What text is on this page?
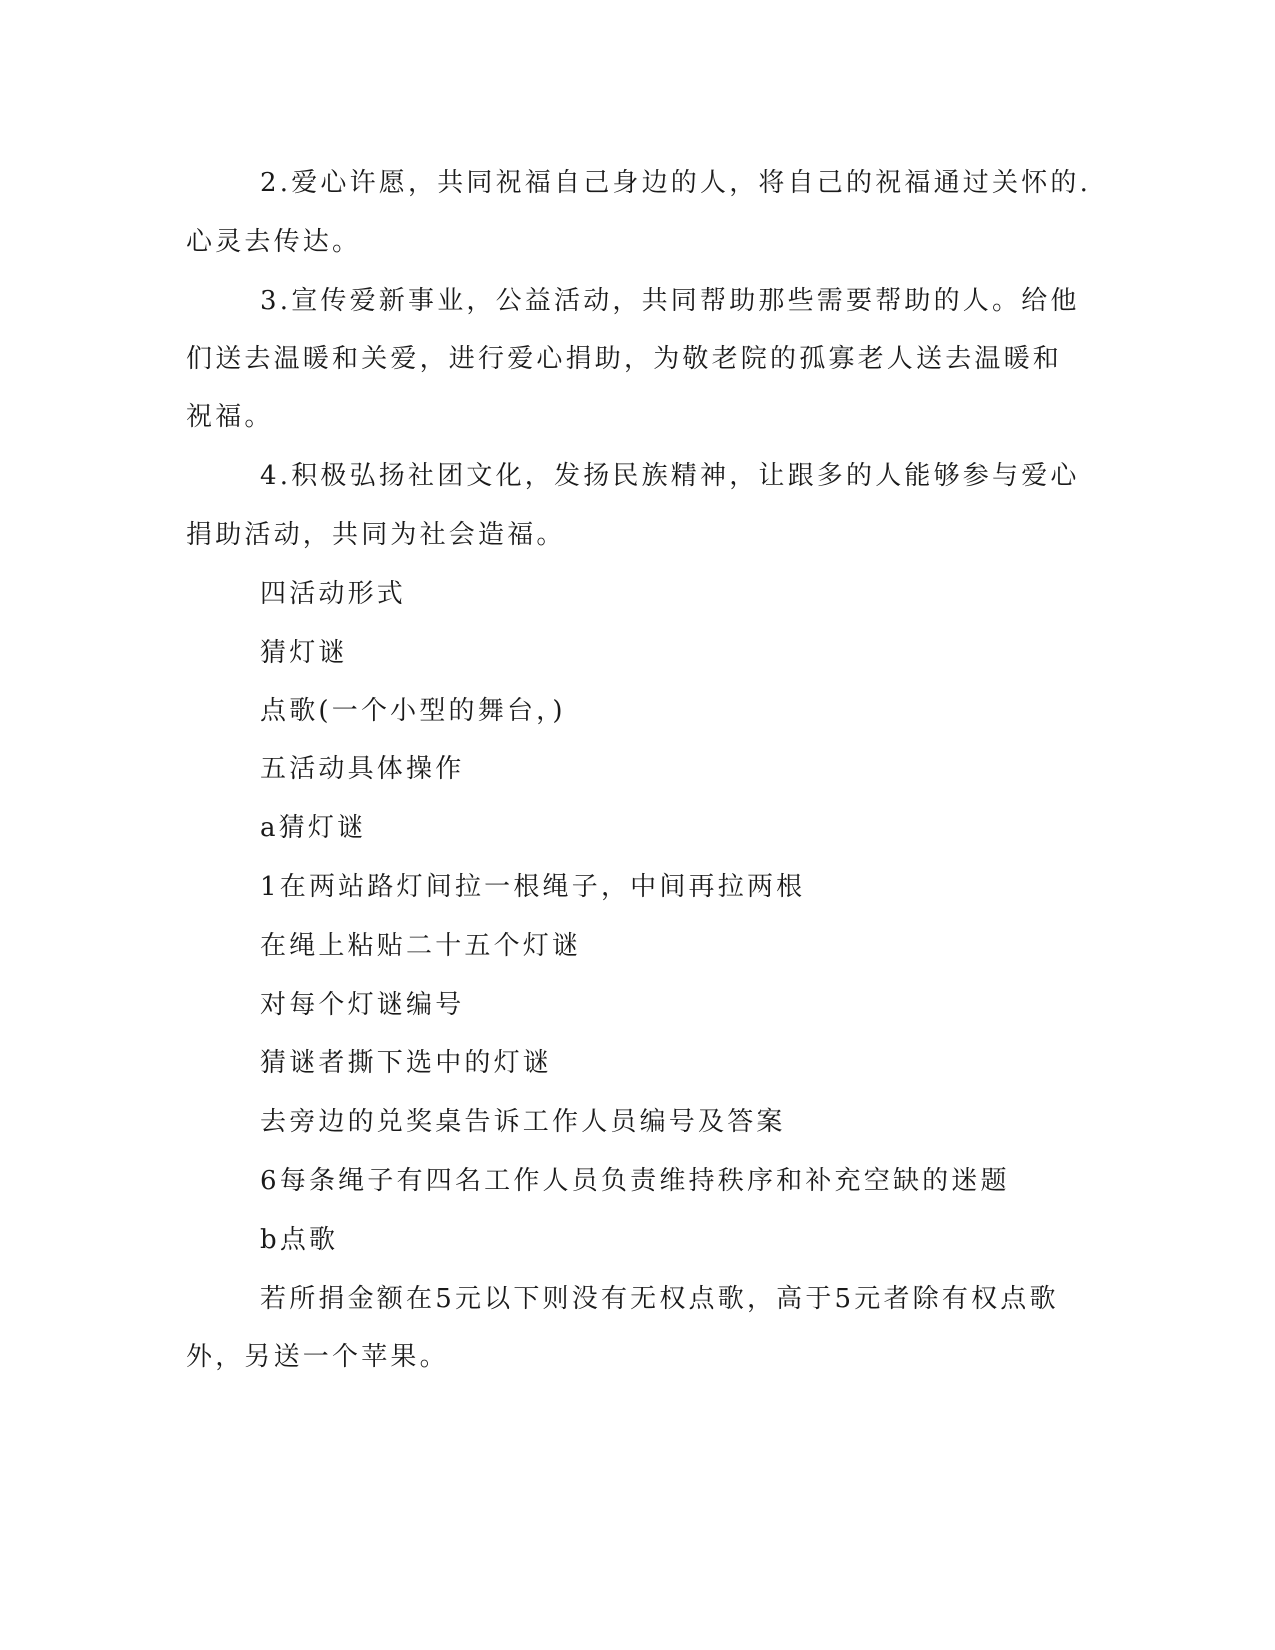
2.爱心许愿，共同祝福自己身边的人，将自己的祝福通过关怀的.
心灵去传达。
3.宣传爱新事业，公益活动，共同帮助那些需要帮助的人。给他
们送去温暖和关爱，进行爱心捐助，为敬老院的孤寡老人送去温暖和
祝福。
4.积极弘扬社团文化，发扬民族精神，让跟多的人能够参与爱心
捐助活动，共同为社会造福。
四活动形式
猜灯谜
点歌(一个小型的舞台，)
五活动具体操作
a猜灯谜
1在两站路灯间拉一根绳子，中间再拉两根
在绳上粘贴二十五个灯谜
对每个灯谜编号
猜谜者撕下选中的灯谜
去旁边的兑奖桌告诉工作人员编号及答案
6每条绳子有四名工作人员负责维持秩序和补充空缺的迷题
b点歌
若所捐金额在5元以下则没有无权点歌，高于5元者除有权点歌
外，另送一个苹果。
